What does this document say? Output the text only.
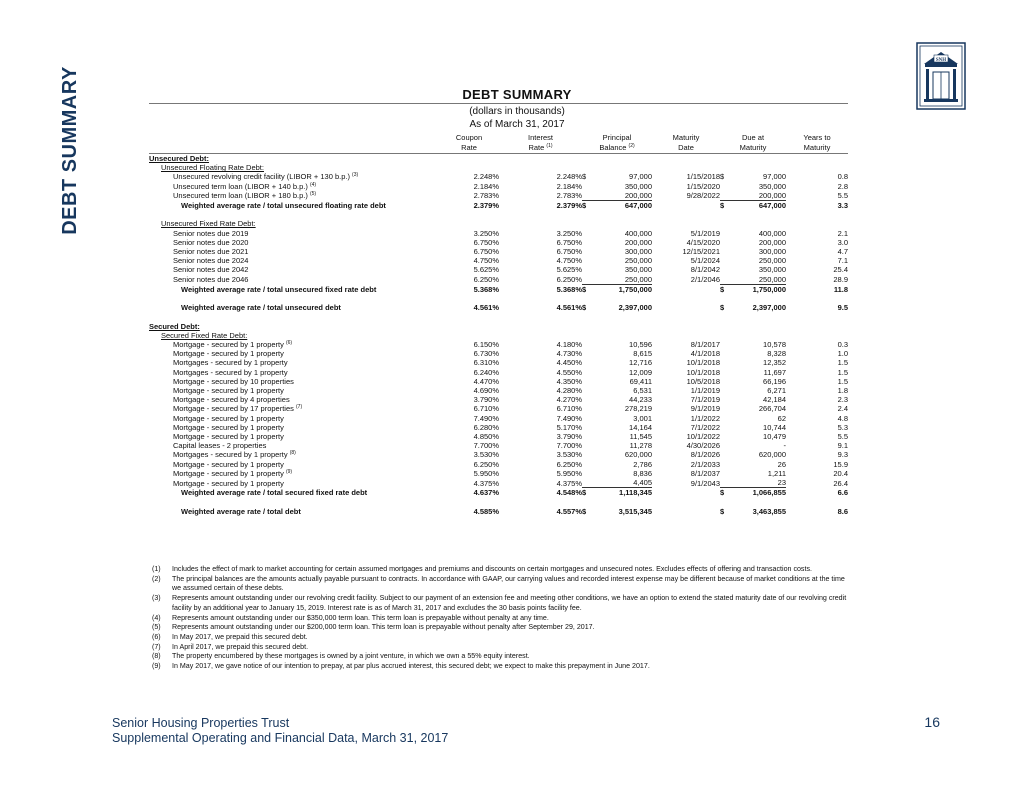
DEBT SUMMARY
SNH
DEBT SUMMARY
(dollars in thousands)
As of March 31, 2017
	Coupon	Interest	Principal	Maturity	Due at	Years to
	Rate	Rate $^{(1)}$	Balance $^{(2)}$	Date	Maturity	Maturity
Unsecured Debt:						
Unsecured Floating Rate Debt:						
Unsecured revolving credit facility (LIBOR + 130 b.p.) $^{(3)}$	2.248%	2.248%	$ 97,000	1/15/2018	$ 97,000	0.8
Unsecured term loan (LIBOR + 140 b.p.) $^{(4)}$	2.184%	2.184%	350,000	1/15/2020	350,000	2.8
Unsecured term loan (LIBOR + 180 b.p.) $^{(5)}$	2.783%	2.783%	200,000	9/28/2022	200,000	5.5
Weighted average rate / total unsecured floating rate debt	2.379%	2.379%	$ 647,000		$ 647,000	3.3

Unsecured Fixed Rate Debt:						
Senior notes due 2019	3.250%	3.250%	400,000	5/1/2019	400,000	2.1
Senior notes due 2020	6.750%	6.750%	200,000	4/15/2020	200,000	3.0
Senior notes due 2021	6.750%	6.750%	300,000	12/15/2021	300,000	4.7
Senior notes due 2024	4.750%	4.750%	250,000	5/1/2024	250,000	7.1
Senior notes due 2042	5.625%	5.625%	350,000	8/1/2042	350,000	25.4
Senior notes due 2046	6.250%	6.250%	250,000	2/1/2046	250,000	28.9
Weighted average rate / total unsecured fixed rate debt	5.368%	5.368%	$ 1,750,000		$ 1,750,000	11.8

Weighted average rate / total unsecured debt	4.561%	4.561%	$ 2,397,000		$ 2,397,000	9.5

Secured Debt:						
Secured Fixed Rate Debt:						
Mortgage - secured by 1 property $^{(6)}$	6.150%	4.180%	10,596	8/1/2017	10,578	0.3
Mortgage - secured by 1 property	6.730%	4.730%	8,615	4/1/2018	8,328	1.0
Mortgages - secured by 1 property	6.310%	4.450%	12,716	10/1/2018	12,352	1.5
Mortgages - secured by 1 property	6.240%	4.550%	12,009	10/1/2018	11,697	1.5
Mortgage - secured by 10 properties	4.470%	4.350%	69,411	10/5/2018	66,196	1.5
Mortgage - secured by 1 property	4.690%	4.280%	6,531	1/1/2019	6,271	1.8
Mortgage - secured by 4 properties	3.790%	4.270%	44,233	7/1/2019	42,184	2.3
Mortgage - secured by 17 properties $^{(7)}$	6.710%	6.710%	278,219	9/1/2019	266,704	2.4
Mortgage - secured by 1 property	7.490%	7.490%	3,001	1/1/2022	62	4.8
Mortgage - secured by 1 property	6.280%	5.170%	14,164	7/1/2022	10,744	5.3
Mortgage - secured by 1 property	4.850%	3.790%	11,545	10/1/2022	10,479	5.5
Capital leases - 2 properties	7.700%	7.700%	11,278	4/30/2026	-	9.1
Mortgages - secured by 1 property $^{(8)}$	3.530%	3.530%	620,000	8/1/2026	620,000	9.3
Mortgage - secured by 1 property	6.250%	6.250%	2,786	2/1/2033	26	15.9
Mortgage - secured by 1 property $^{(9)}$	5.950%	5.950%	8,836	8/1/2037	1,211	20.4
Mortgage - secured by 1 property	4.375%	4.375%	4,405	9/1/2043	23	26.4
Weighted average rate / total secured fixed rate debt	4.637%	4.548%	$ 1,118,345		$ 1,066,855	6.6

Weighted average rate / total debt	4.585%	4.557%	$ 3,515,345		$ 3,463,855	8.6
(1)	Includes the effect of mark to market accounting for certain assumed mortgages and premiums and discounts on certain mortgages and unsecured notes. Excludes effects of offering and transaction costs.
(2)	The principal balances are the amounts actually payable pursuant to contracts. In accordance with GAAP, our carrying values and recorded interest expense may be different because of market conditions at the time we assumed certain of these debts.
(3)	Represents amount outstanding under our revolving credit facility. Subject to our payment of an extension fee and meeting other conditions, we have an option to extend the stated maturity date of our revolving credit facility by an additional year to January 15, 2019. Interest rate is as of March 31, 2017 and excludes the 30 basis points facility fee.
(4)	Represents amount outstanding under our $350,000 term loan. This term loan is prepayable without penalty at any time.
(5)	Represents amount outstanding under our $200,000 term loan. This term loan is prepayable without penalty after September 29, 2017.
(6)	In May 2017, we prepaid this secured debt.
(7)	In April 2017, we prepaid this secured debt.
(8)	The property encumbered by these mortgages is owned by a joint venture, in which we own a 55% equity interest.
(9)	In May 2017, we gave notice of our intention to prepay, at par plus accrued interest, this secured debt; we expect to make this prepayment in June 2017.
Senior Housing Properties Trust
Supplemental Operating and Financial Data, March 31, 2017
16
